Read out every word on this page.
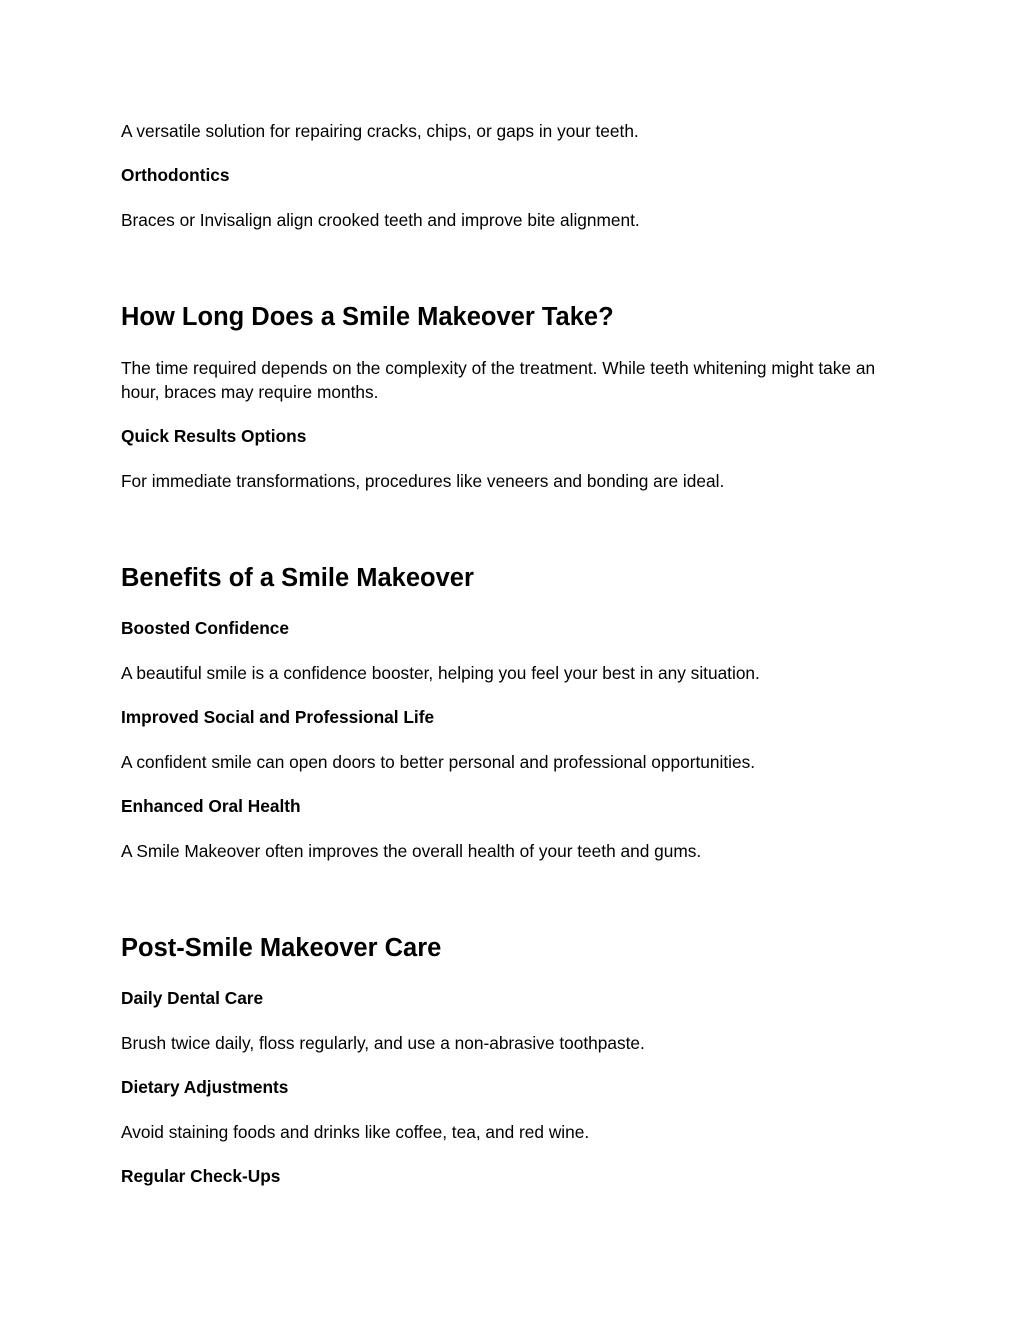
A versatile solution for repairing cracks, chips, or gaps in your teeth.

Orthodontics

Braces or Invisalign align crooked teeth and improve bite alignment.

How Long Does a Smile Makeover Take?

The time required depends on the complexity of the treatment. While teeth whitening might take an hour, braces may require months.

Quick Results Options

For immediate transformations, procedures like veneers and bonding are ideal.

Benefits of a Smile Makeover
Boosted Confidence

A beautiful smile is a confidence booster, helping you feel your best in any situation.

Improved Social and Professional Life

A confident smile can open doors to better personal and professional opportunities.

Enhanced Oral Health

A Smile Makeover often improves the overall health of your teeth and gums.

Post-Smile Makeover Care
Daily Dental Care

Brush twice daily, floss regularly, and use a non-abrasive toothpaste.

Dietary Adjustments

Avoid staining foods and drinks like coffee, tea, and red wine.

Regular Check-Ups
